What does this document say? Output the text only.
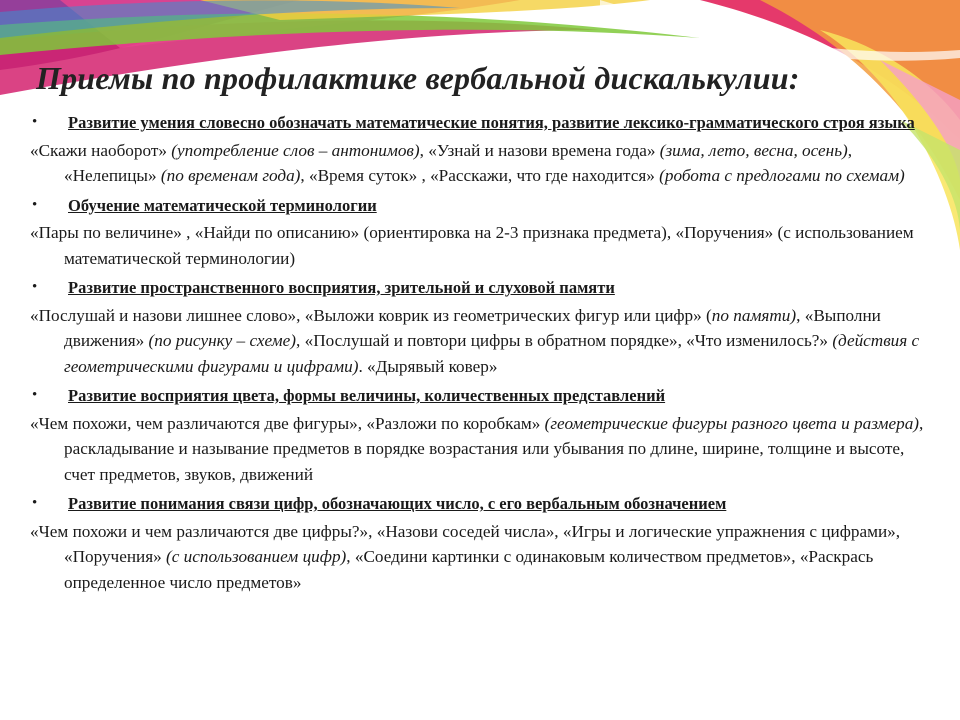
Приемы по профилактике вербальной дискалькулии:
•	Развитие умения словесно обозначать математические понятия, развитие лексико-грамматического строя языка
«Скажи наоборот» (употребление слов – антонимов), «Узнай и назови времена года» (зима, лето, весна, осень), «Нелепицы» (по временам года), «Время суток» , «Расскажи, что где находится» (робота с предлогами по схемам)
•	Обучение математической терминологии
«Пары по величине» , «Найди по описанию» (ориентировка на 2-3 признака предмета), «Поручения» (с использованием математической терминологии)
•	Развитие пространственного восприятия, зрительной и слуховой памяти
«Послушай и назови лишнее слово», «Выложи коврик из геометрических фигур или цифр» (по памяти), «Выполни движения» (по рисунку – схеме), «Послушай и повтори цифры в обратном порядке», «Что изменилось?» (действия с геометрическими фигурами и цифрами). «Дырявый ковер»
•	Развитие восприятия цвета, формы величины, количественных представлений
«Чем похожи, чем различаются две фигуры», «Разложи по коробкам» (геометрические фигуры разного цвета и размера), раскладывание и называние предметов в порядке возрастания или убывания по длине, ширине, толщине и высоте, счет предметов, звуков, движений
•	Развитие понимания связи цифр, обозначающих число, с его вербальным обозначением
«Чем похожи и чем различаются две цифры?», «Назови соседей числа», «Игры и логические упражнения с цифрами», «Поручения» (с использованием цифр), «Соедини картинки с одинаковым количеством предметов», «Раскрась определенное число предметов»
